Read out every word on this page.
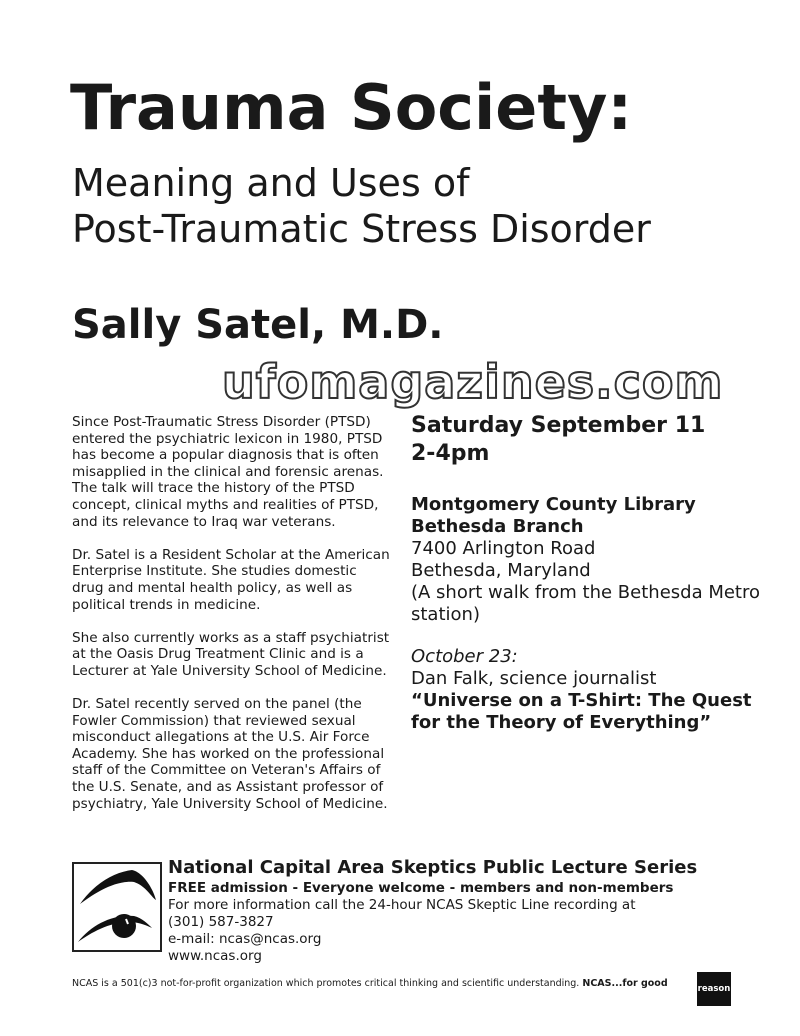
Trauma Society:
Meaning and Uses of
Post-Traumatic Stress Disorder
Sally Satel, M.D.
ufomagazines.com

Since Post-Traumatic Stress Disorder (PTSD) entered the psychiatric lexicon in 1980, PTSD has become a popular diagnosis that is often misapplied in the clinical and forensic arenas. The talk will trace the history of the PTSD concept, clinical myths and realities of PTSD, and its relevance to Iraq war veterans.

Dr. Satel is a Resident Scholar at the American Enterprise Institute. She studies domestic drug and mental health policy, as well as political trends in medicine.

She also currently works as a staff psychiatrist at the Oasis Drug Treatment Clinic and is a Lecturer at Yale University School of Medicine.

Dr. Satel recently served on the panel (the Fowler Commission) that reviewed sexual misconduct allegations at the U.S. Air Force Academy. She has worked on the professional staff of the Committee on Veteran's Affairs of the U.S. Senate, and as Assistant professor of psychiatry, Yale University School of Medicine.

Saturday September 11
2-4pm
Montgomery County Library
Bethesda Branch
7400 Arlington Road
Bethesda, Maryland
(A short walk from the Bethesda Metro station)
October 23:
Dan Falk, science journalist
“Universe on a T-Shirt: The Quest for the Theory of Everything”
National Capital Area Skeptics Public Lecture Series
FREE admission - Everyone welcome - members and non-members
For more information call the 24-hour NCAS Skeptic Line recording at
(301) 587-3827
e-mail: ncas@ncas.org
www.ncas.org
NCAS is a 501(c)3 not-for-profit organization which promotes critical thinking and scientific understanding. NCAS...for good	reason
